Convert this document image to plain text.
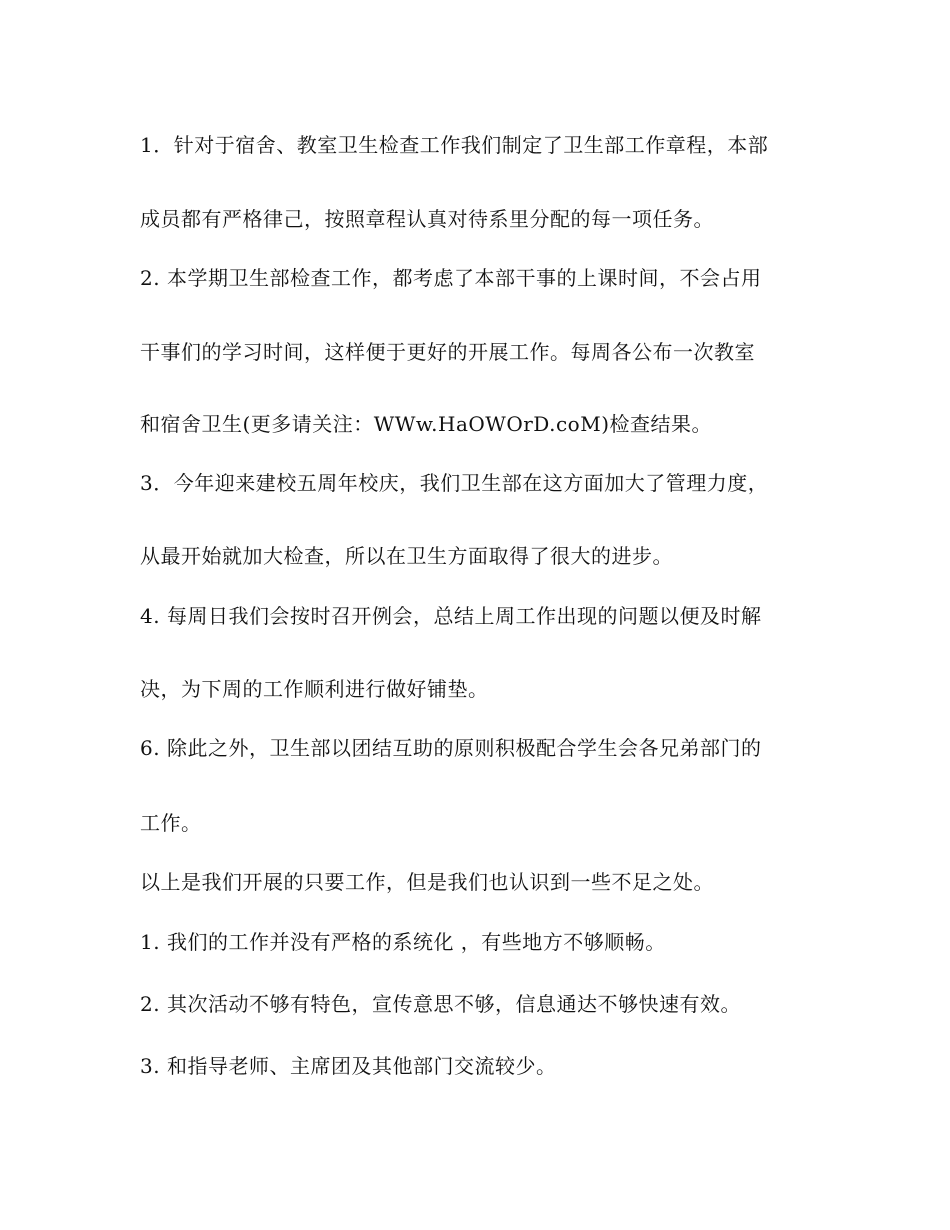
1．针对于宿舍、教室卫生检查工作我们制定了卫生部工作章程，本部
成员都有严格律己，按照章程认真对待系里分配的每一项任务。
2. 本学期卫生部检查工作，都考虑了本部干事的上课时间，不会占用
干事们的学习时间，这样便于更好的开展工作。每周各公布一次教室
和宿舍卫生(更多请关注：WWw.HaOWOrD.coM)检查结果。
3．今年迎来建校五周年校庆，我们卫生部在这方面加大了管理力度，
从最开始就加大检查，所以在卫生方面取得了很大的进步。
4. 每周日我们会按时召开例会，总结上周工作出现的问题以便及时解
决，为下周的工作顺利进行做好铺垫。
6. 除此之外，卫生部以团结互助的原则积极配合学生会各兄弟部门的
工作。
以上是我们开展的只要工作，但是我们也认识到一些不足之处。
1. 我们的工作并没有严格的系统化 ，有些地方不够顺畅。
2. 其次活动不够有特色，宣传意思不够，信息通达不够快速有效。
3. 和指导老师、主席团及其他部门交流较少。
